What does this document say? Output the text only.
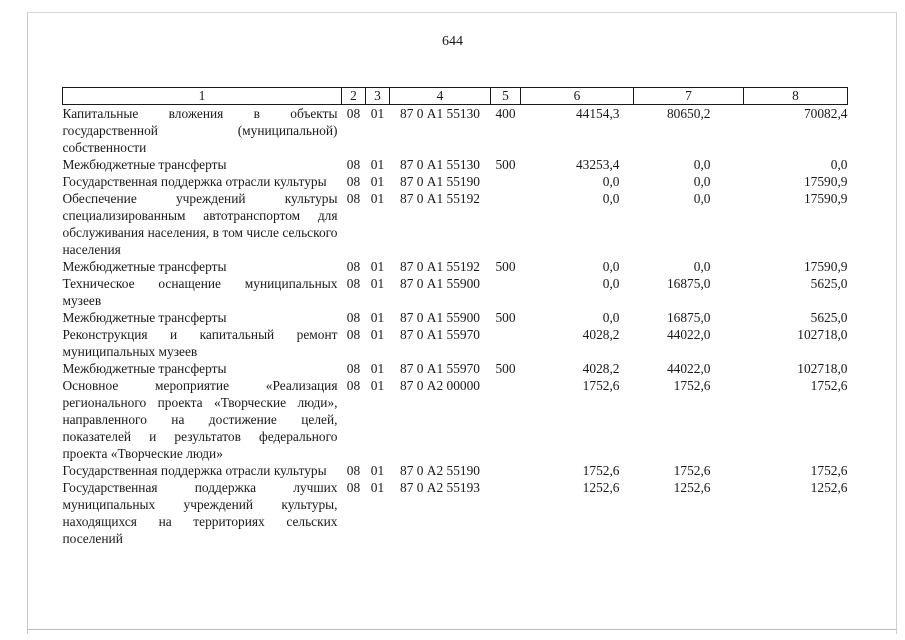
644
1	2	3	4	5	6	7	8
Капитальные вложения в объекты государственной (муниципальной) собственности	08	01	87 0 А1 55130	400	44154,3	80650,2	70082,4
Межбюджетные трансферты	08	01	87 0 А1 55130	500	43253,4	0,0	0,0
Государственная поддержка отрасли культуры	08	01	87 0 А1 55190		0,0	0,0	17590,9
Обеспечение учреждений культуры специализированным автотранспортом для обслуживания населения, в том числе сельского населения	08	01	87 0 А1 55192		0,0	0,0	17590,9
Межбюджетные трансферты	08	01	87 0 А1 55192	500	0,0	0,0	17590,9
Техническое оснащение муниципальных музеев	08	01	87 0 А1 55900		0,0	16875,0	5625,0
Межбюджетные трансферты	08	01	87 0 А1 55900	500	0,0	16875,0	5625,0
Реконструкция и капитальный ремонт муниципальных музеев	08	01	87 0 А1 55970		4028,2	44022,0	102718,0
Межбюджетные трансферты	08	01	87 0 А1 55970	500	4028,2	44022,0	102718,0
Основное мероприятие «Реализация регионального проекта «Творческие люди», направленного на достижение целей, показателей и результатов федерального проекта «Творческие люди»	08	01	87 0 А2 00000		1752,6	1752,6	1752,6
Государственная поддержка отрасли культуры	08	01	87 0 А2 55190		1752,6	1752,6	1752,6
Государственная поддержка лучших муниципальных учреждений культуры, находящихся на территориях сельских поселений	08	01	87 0 А2 55193		1252,6	1252,6	1252,6
